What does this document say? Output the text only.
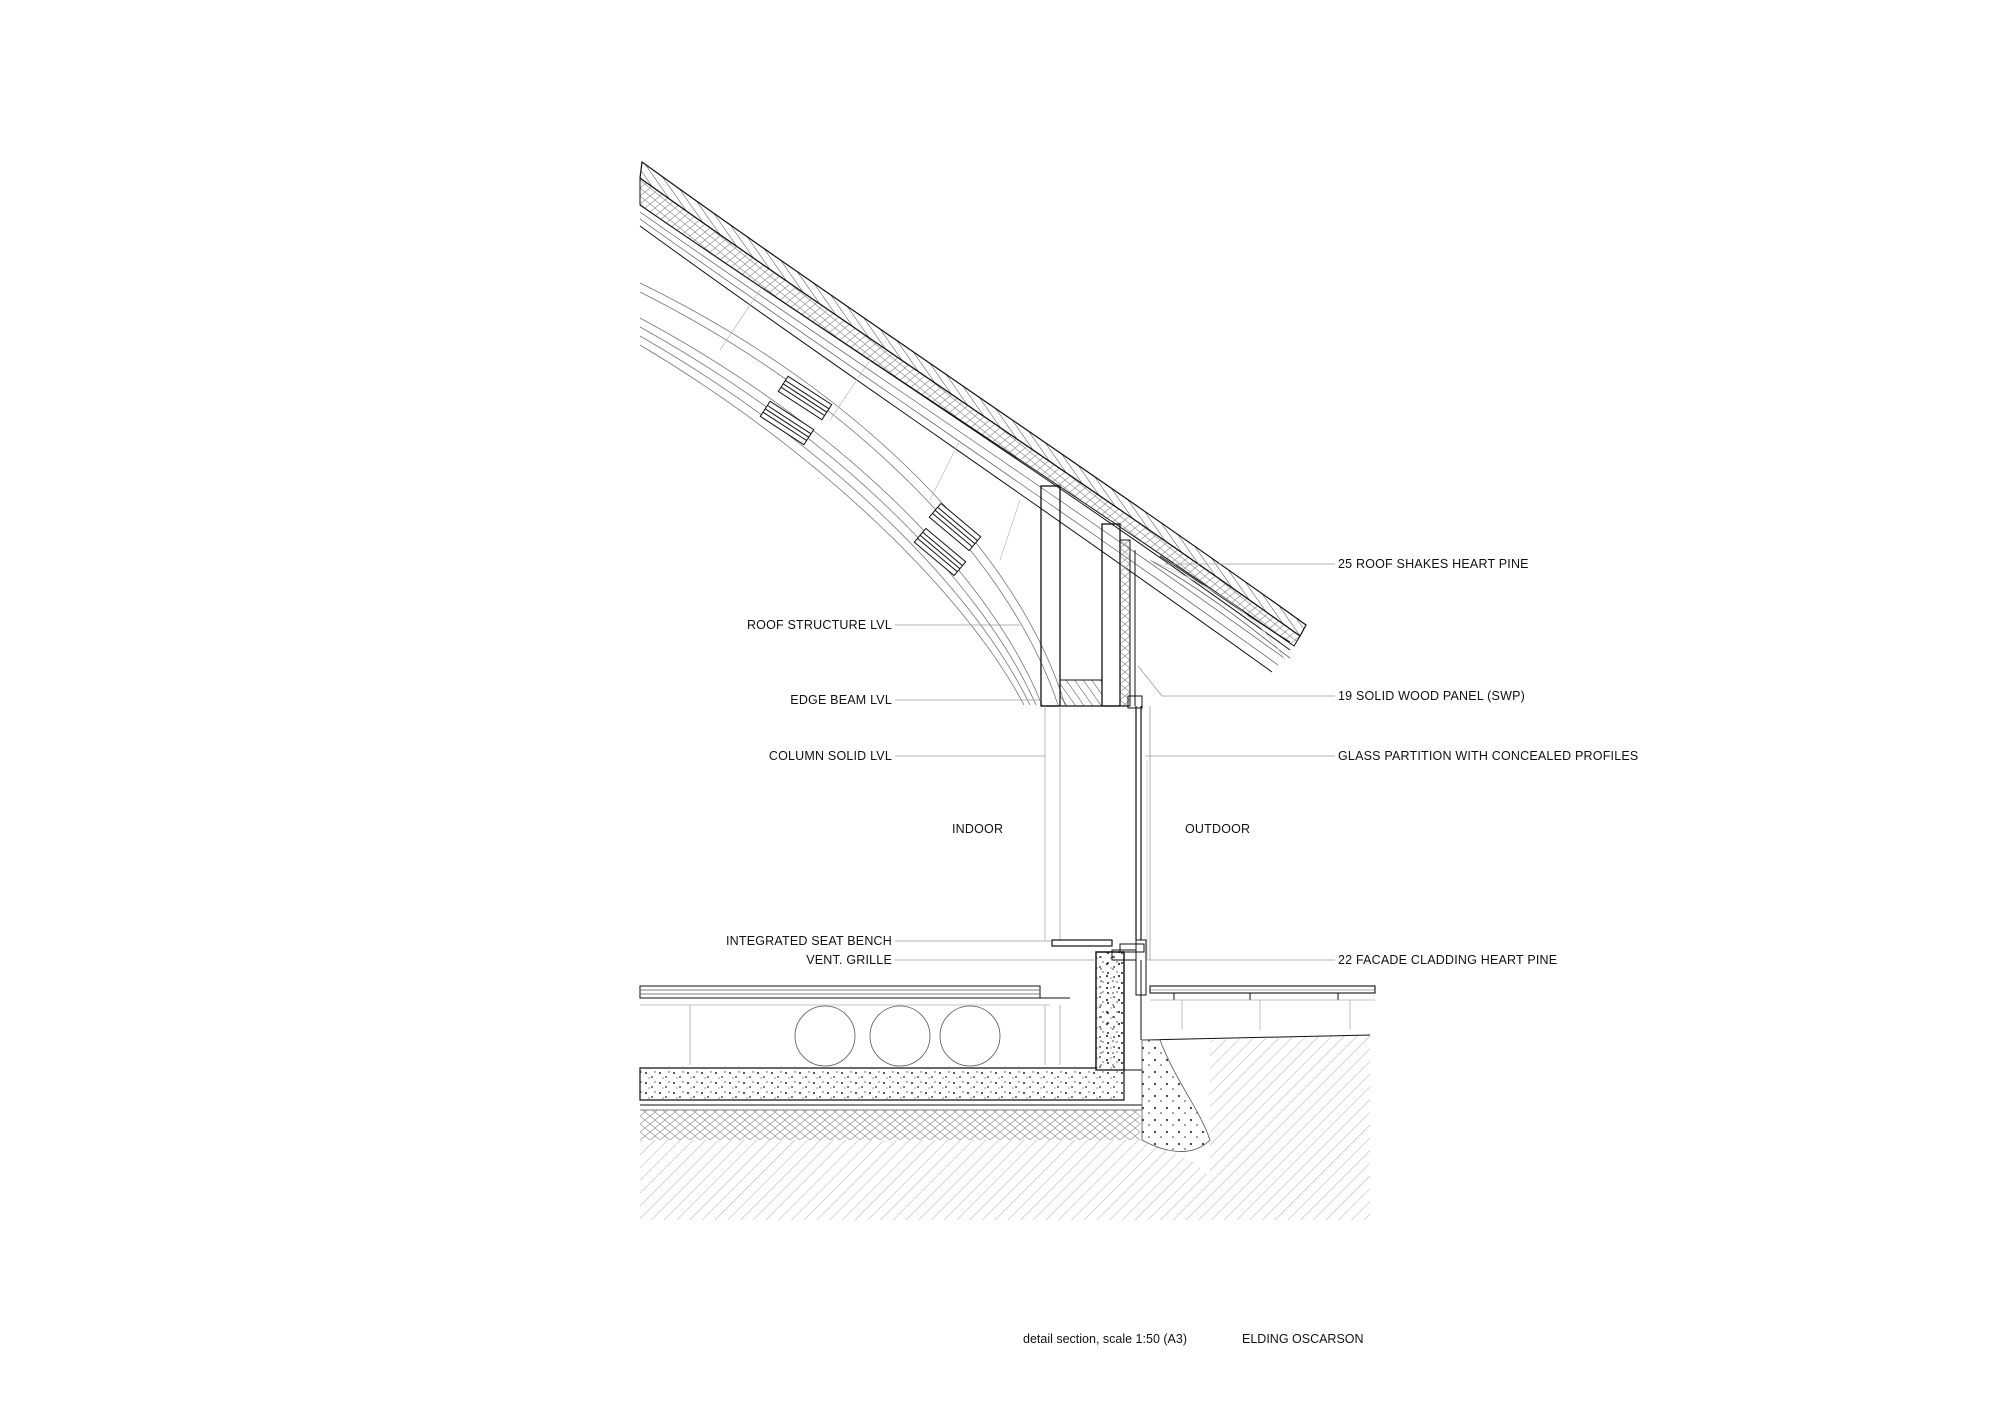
25 ROOF SHAKES HEART PINE
ROOF STRUCTURE LVL
EDGE BEAM LVL	19 SOLID WOOD PANEL (SWP)
COLUMN SOLID LVL	GLASS PARTITION WITH CONCEALED PROFILES
INDOOR	OUTDOOR
INTEGRATED SEAT BENCH
VENT. GRILLE	22 FACADE CLADDING HEART PINE
detail section, scale 1:50 (A3)	ELDING OSCARSON
